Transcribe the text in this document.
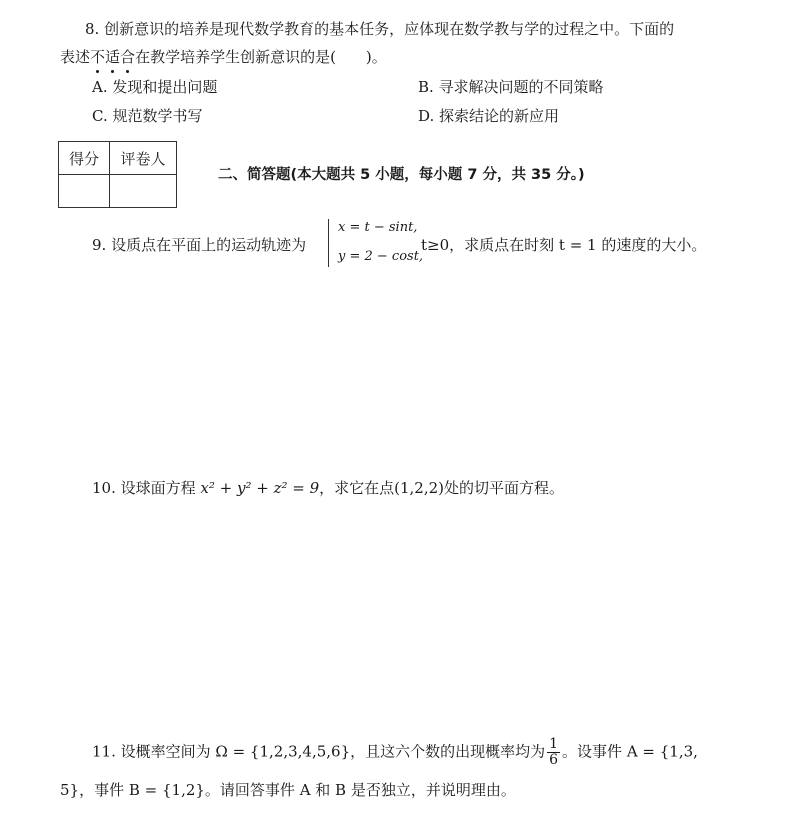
8. 创新意识的培养是现代数学教育的基本任务，应体现在数学教与学的过程之中。下面的
表述不适合在教学培养学生创新意识的是(　　)。
A. 发现和提出问题	B. 寻求解决问题的不同策略
C. 规范数学书写	D. 探索结论的新应用
得分	评卷人

二、简答题(本大题共 5 小题，每小题 7 分，共 35 分。)
9. 设质点在平面上的运动轨迹为
x = t − sint,
y = 2 − cost,
t≥0，求质点在时刻 t = 1 的速度的大小。
10. 设球面方程 x² + y² + z² = 9，求它在点(1,2,2)处的切平面方程。
11. 设概率空间为 Ω = {1,2,3,4,5,6}，且这六个数的出现概率均为 $\frac{1}{6}$ 。设事件 A = {1,3,
5}，事件 B = {1,2}。请回答事件 A 和 B 是否独立，并说明理由。
